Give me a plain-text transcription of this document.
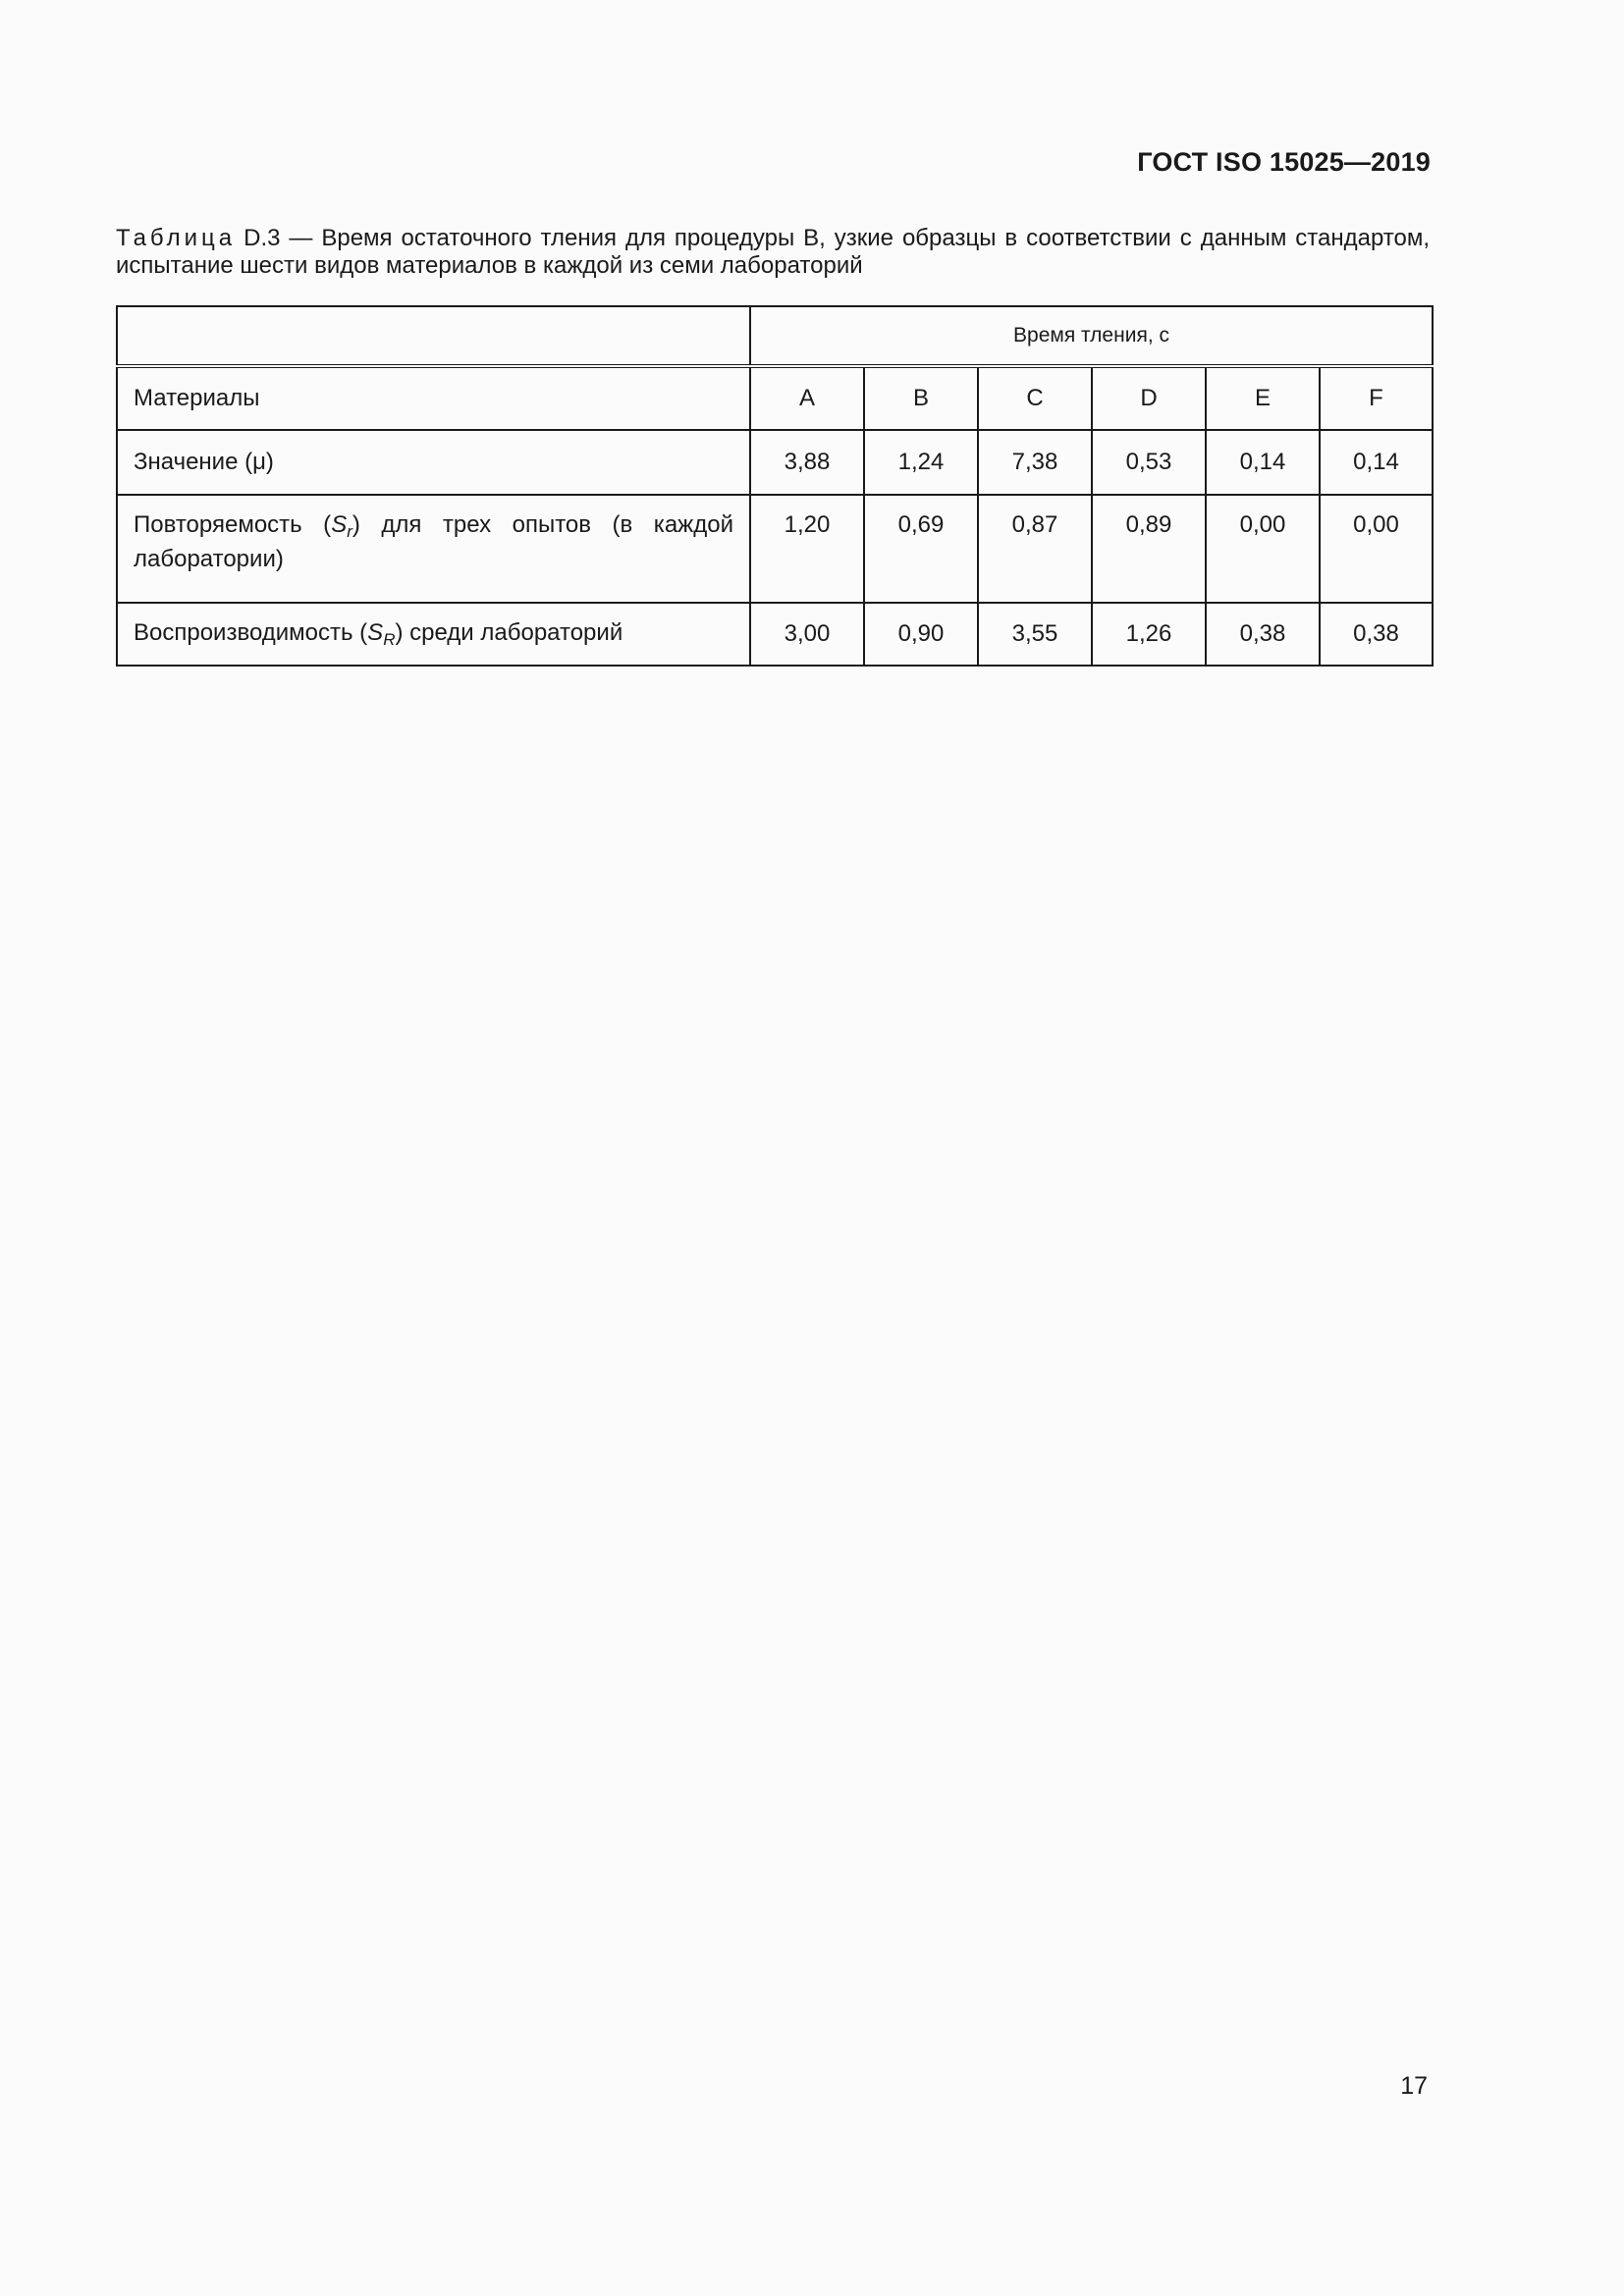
ГОСТ ISO 15025—2019
Таблица D.3 — Время остаточного тления для процедуры B, узкие образцы в соответствии с данным стандартом, испытание шести видов материалов в каждой из семи лабораторий
	Время тления, с					
Материалы	A	B	C	D	E	F
Значение (μ)	3,88	1,24	7,38	0,53	0,14	0,14
Повторяемость $(S_r)$ для трех опытов (в каждой лаборатории)	1,20	0,69	0,87	0,89	0,00	0,00
Воспроизводимость $(S_R)$ среди лабораторий	3,00	0,90	3,55	1,26	0,38	0,38
17
